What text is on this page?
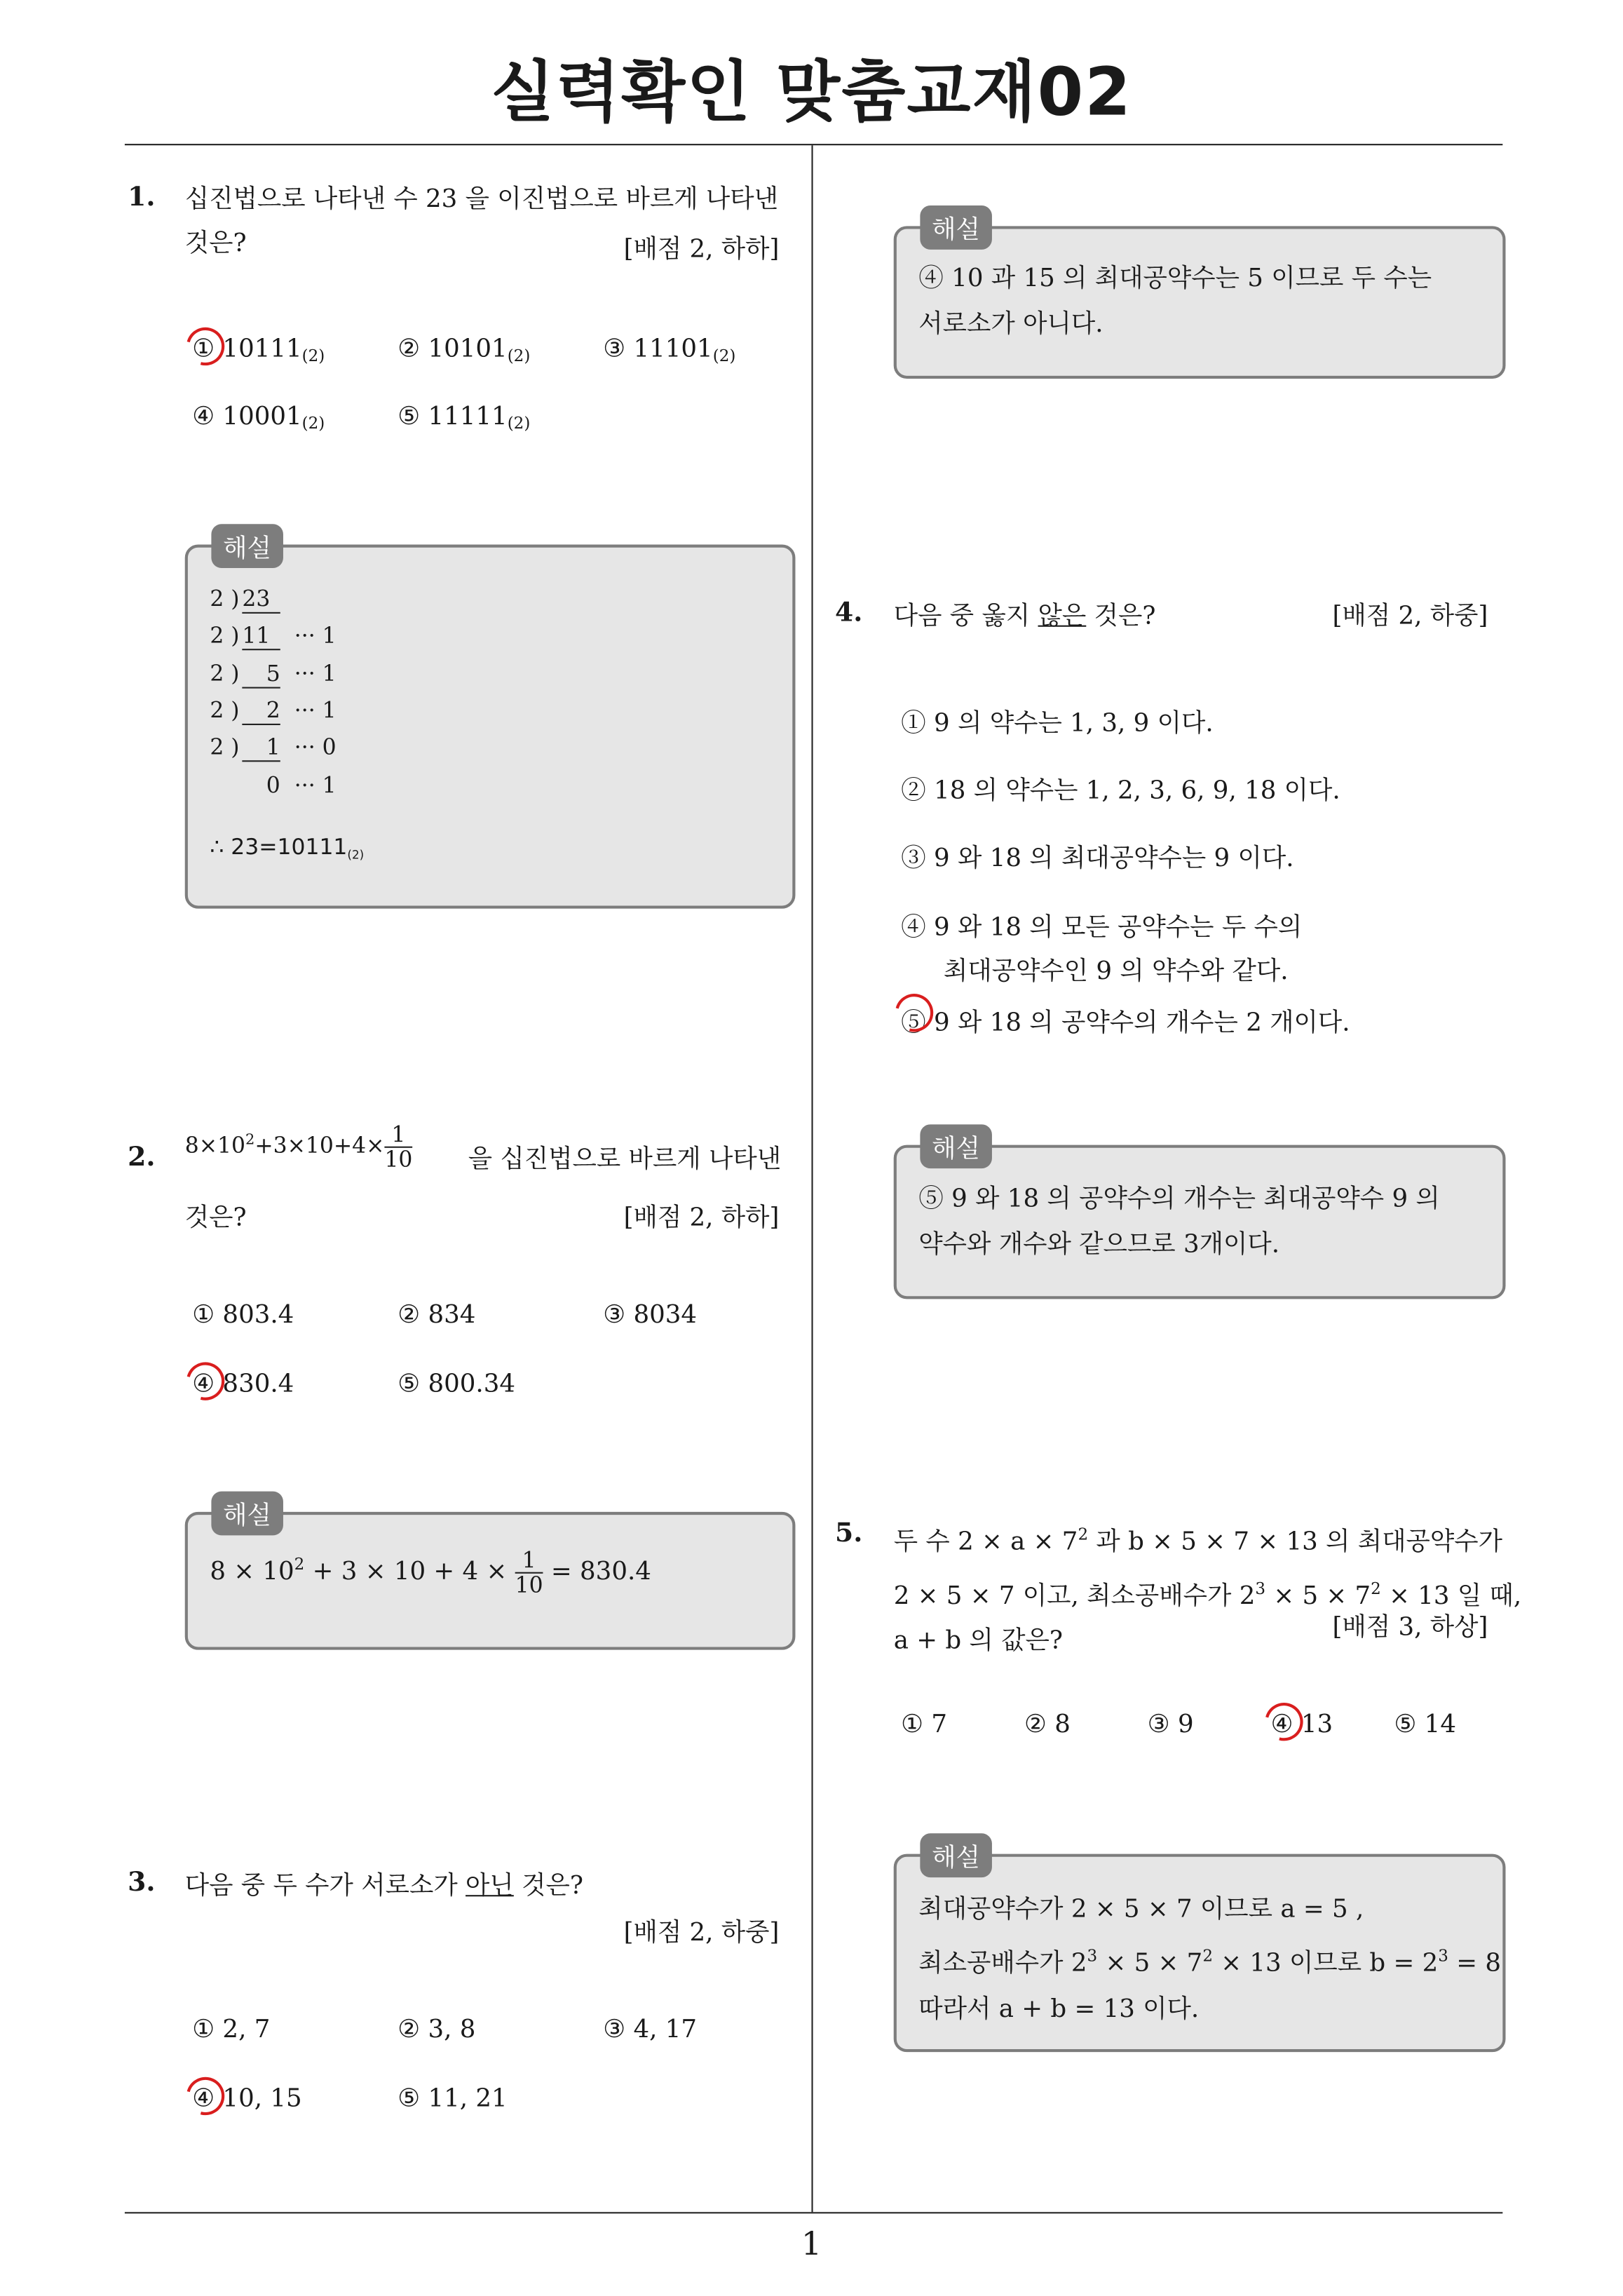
실력확인 맞춤교재02
1. 십진법으로 나타낸 수 23 을 이진법으로 바르게 나타낸
것은?	[배점 2, 하하]
① 10111(2)	② 10101(2)	③ 11101(2)
④ 10001(2)	⑤ 11111(2)
해설
2 ) 23
2 ) 11 ··· 1
2 )	5 ··· 1
2 )	2 ··· 1
2 )	1 ··· 0
0 ··· 1
∴ $23=10111_{(2)}$
2.	$8\times 10^2+3\times 10+4\times \frac{1}{10}$	을 십진법으로 바르게 나타낸
것은?	[배점 2, 하하]
① 803.4	② 834	③ 8034
④ 830.4	⑤ 800.34
해설
$8 \times 10^2 + 3 \times 10 + 4 \times \frac{1}{10} = 830.4$
3. 다음 중 두 수가 서로소가 아닌 것은?
[배점 2, 하중]
① 2, 7	② 3, 8	③ 4, 17
④ 10, 15	⑤ 11, 21
해설
④ 10 과 15 의 최대공약수는 5 이므로 두 수는
서로소가 아니다.
4.	다음 중 옳지 않은 것은?	[배점 2, 하중]
① 9 의 약수는 1, 3, 9 이다.
② 18 의 약수는 1, 2, 3, 6, 9, 18 이다.
③ 9 와 18 의 최대공약수는 9 이다.
④ 9 와 18 의 모든 공약수는 두 수의
최대공약수인 9 의 약수와 같다.
⑤ 9 와 18 의 공약수의 개수는 2 개이다.
해설
⑤ 9 와 18 의 공약수의 개수는 최대공약수 9 의
약수와 개수와 같으므로 3개이다.
5.	두 수 $2 \times a \times 7^2$ 과 b × 5 × 7 × 13 의 최대공약수가
2 × 5 × 7 이고, 최소공배수가 $2^3 \times 5 \times 7^2 \times 13$ 일 때,
a + b 의 값은?	[배점 3, 하상]
① 7	② 8	③ 9	④ 13	⑤ 14
해설
최대공약수가 2 × 5 × 7 이므로 a = 5 ,
최소공배수가 $2^3 \times 5 \times 7^2 \times 13$ 이므로 $b = 2^3 = 8$
따라서 a + b = 13 이다.
1
